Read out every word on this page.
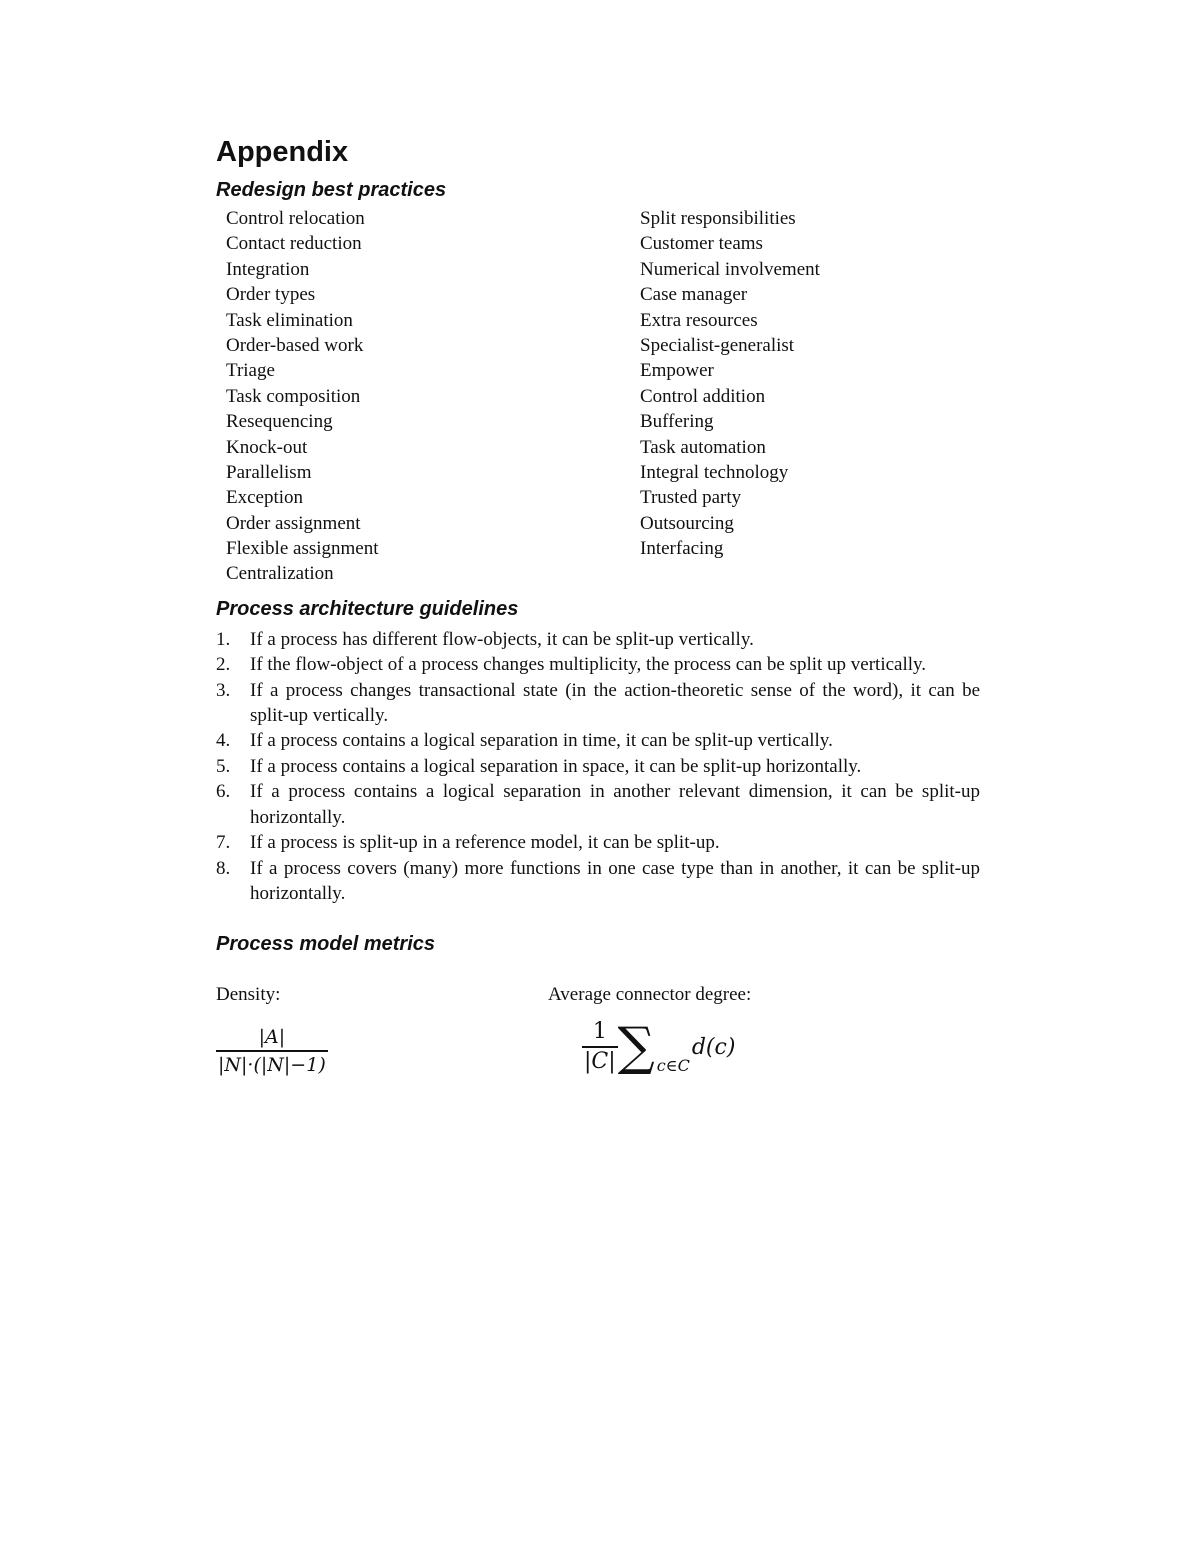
Appendix
Redesign best practices
Control relocation
Contact reduction
Integration
Order types
Task elimination
Order-based work
Triage
Task composition
Resequencing
Knock-out
Parallelism
Exception
Order assignment
Flexible assignment
Centralization
Split responsibilities
Customer teams
Numerical involvement
Case manager
Extra resources
Specialist-generalist
Empower
Control addition
Buffering
Task automation
Integral technology
Trusted party
Outsourcing
Interfacing
Process architecture guidelines
1.	If a process has different flow-objects, it can be split-up vertically.
2.	If the flow-object of a process changes multiplicity, the process can be split up vertically.
3.	If a process changes transactional state (in the action-theoretic sense of the word), it can be split-up vertically.
4.	If a process contains a logical separation in time, it can be split-up vertically.
5.	If a process contains a logical separation in space, it can be split-up horizontally.
6.	If a process contains a logical separation in another relevant dimension, it can be split-up horizontally.
7.	If a process is split-up in a reference model, it can be split-up.
8.	If a process covers (many) more functions in one case type than in another, it can be split-up horizontally.
Process model metrics
Density:	Average connector degree:
$\frac{|A|}{|N|\cdot(|N|-1)}$	$\frac{1}{|C|}$ ∑ c∈C
d(c)
